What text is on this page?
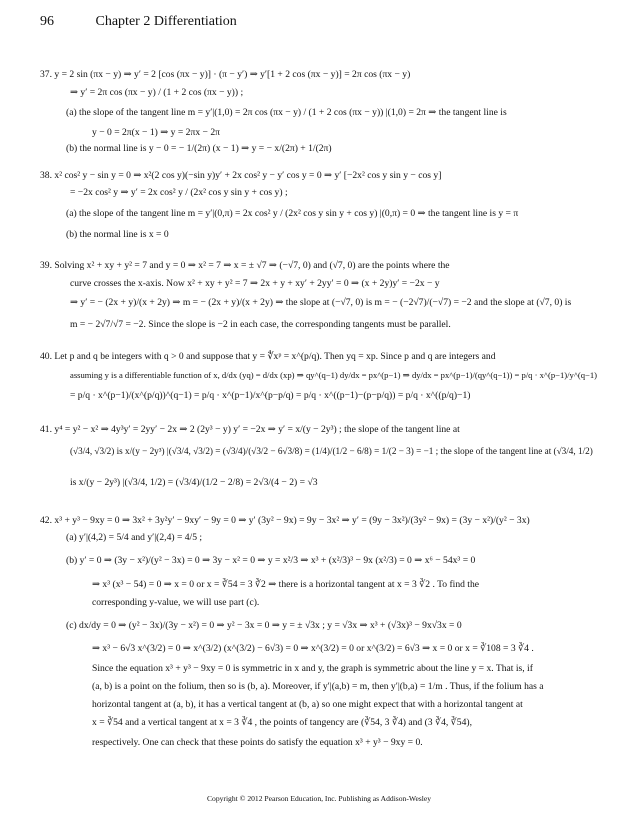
96	Chapter 2 Differentiation
37. y = 2 sin (πx − y) ⇒ y′ = 2 [cos (πx − y)] · (π − y′) ⇒ y′[1 + 2 cos (πx − y)] = 2π cos (πx − y)
⇒ y′ = 2π cos (πx − y) / (1 + 2 cos (πx − y)) ;
(a) the slope of the tangent line m = y′|(1,0) = 2π cos (πx − y) / (1 + 2 cos (πx − y)) |(1,0) = 2π ⇒ the tangent line is
y − 0 = 2π(x − 1) ⇒ y = 2πx − 2π
(b) the normal line is y − 0 = − 1/(2π) (x − 1) ⇒ y = − x/(2π) + 1/(2π)
38. x² cos² y − sin y = 0 ⇒ x²(2 cos y)(−sin y)y′ + 2x cos² y − y′ cos y = 0 ⇒ y′ [−2x² cos y sin y − cos y]
= −2x cos² y ⇒ y′ = 2x cos² y / (2x² cos y sin y + cos y) ;
(a) the slope of the tangent line m = y′|(0,π) = 2x cos² y / (2x² cos y sin y + cos y) |(0,π) = 0 ⇒ the tangent line is y = π
(b) the normal line is x = 0
39. Solving x² + xy + y² = 7 and y = 0 ⇒ x² = 7 ⇒ x = ± √7 ⇒ (−√7, 0) and (√7, 0) are the points where the
curve crosses the x-axis. Now x² + xy + y² = 7 ⇒ 2x + y + xy′ + 2yy′ = 0 ⇒ (x + 2y)y′ = −2x − y
⇒ y′ = − (2x + y)/(x + 2y) ⇒ m = − (2x + y)/(x + 2y) ⇒ the slope at (−√7, 0) is m = − (−2√7)/(−√7) = −2 and the slope at (√7, 0) is
m = − 2√7/√7 = −2. Since the slope is −2 in each case, the corresponding tangents must be parallel.
40. Let p and q be integers with q > 0 and suppose that y = ∜xᵖ = x^(p/q). Then yq = xp. Since p and q are integers and
assuming y is a differentiable function of x, d/dx (yq) = d/dx (xp) ⇒ qy^(q−1) dy/dx = px^(p−1) ⇒ dy/dx = px^(p−1)/(qy^(q−1)) = p/q · x^(p−1)/y^(q−1)
= p/q · x^(p−1)/(x^(p/q))^(q−1) = p/q · x^(p−1)/x^(p−p/q) = p/q · x^((p−1)−(p−p/q)) = p/q · x^((p/q)−1)
41. y⁴ = y² − x² ⇒ 4y³y′ = 2yy′ − 2x ⇒ 2 (2y³ − y) y′ = −2x ⇒ y′ = x/(y − 2y³) ; the slope of the tangent line at
(√3/4, √3/2) is x/(y − 2y³) |(√3/4, √3/2) = (√3/4)/(√3/2 − 6√3/8) = (1/4)/(1/2 − 6/8) = 1/(2 − 3) = −1 ; the slope of the tangent line at (√3/4, 1/2)
is x/(y − 2y³) |(√3/4, 1/2) = (√3/4)/(1/2 − 2/8) = 2√3/(4 − 2) = √3
42. x³ + y³ − 9xy = 0 ⇒ 3x² + 3y²y′ − 9xy′ − 9y = 0 ⇒ y′ (3y² − 9x) = 9y − 3x² ⇒ y′ = (9y − 3x²)/(3y² − 9x) = (3y − x²)/(y² − 3x)
(a) y′|(4,2) = 5/4 and y′|(2,4) = 4/5 ;
(b) y′ = 0 ⇒ (3y − x²)/(y² − 3x) = 0 ⇒ 3y − x² = 0 ⇒ y = x²/3 ⇒ x³ + (x²/3)³ − 9x (x²/3) = 0 ⇒ x⁶ − 54x³ = 0
⇒ x³ (x³ − 54) = 0 ⇒ x = 0 or x = ∛54 = 3 ∛2 ⇒ there is a horizontal tangent at x = 3 ∛2 . To find the
corresponding y-value, we will use part (c).
(c) dx/dy = 0 ⇒ (y² − 3x)/(3y − x²) = 0 ⇒ y² − 3x = 0 ⇒ y = ± √3x ; y = √3x ⇒ x³ + (√3x)³ − 9x√3x = 0
⇒ x³ − 6√3 x^(3/2) = 0 ⇒ x^(3/2) (x^(3/2) − 6√3) = 0 ⇒ x^(3/2) = 0 or x^(3/2) = 6√3 ⇒ x = 0 or x = ∛108 = 3 ∛4 .
Since the equation x³ + y³ − 9xy = 0 is symmetric in x and y, the graph is symmetric about the line y = x. That is, if
(a, b) is a point on the folium, then so is (b, a). Moreover, if y′|(a,b) = m, then y′|(b,a) = 1/m . Thus, if the folium has a
horizontal tangent at (a, b), it has a vertical tangent at (b, a) so one might expect that with a horizontal tangent at
x = ∛54 and a vertical tangent at x = 3 ∛4 , the points of tangency are (∛54, 3 ∛4) and (3 ∛4, ∛54),
respectively. One can check that these points do satisfy the equation x³ + y³ − 9xy = 0.
Copyright © 2012 Pearson Education, Inc. Publishing as Addison-Wesley
